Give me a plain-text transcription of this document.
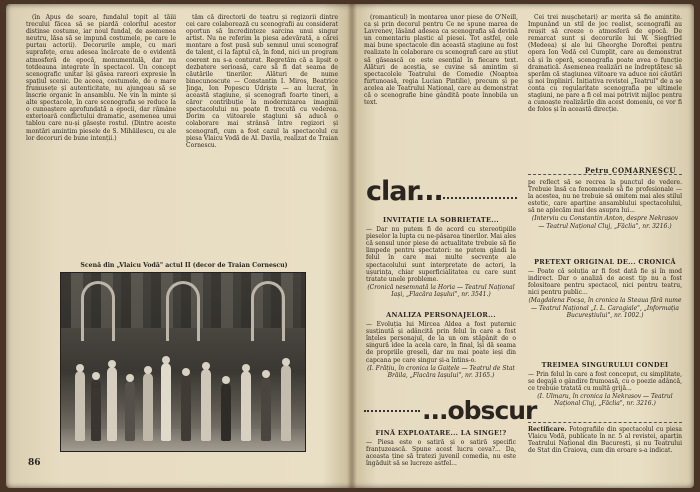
(în Apus de soare, fundalul topit al tăiii trecului făcea să se piardă coloritul acestor distinse costume, iar noul fundal, de asemenea neutru, lăsa să se impună costumele, pe care le purtau actorii). Decorurile ample, cu mari suprafețe, erau adesea încărcate de o evidentă atmosferă de epocă, monumentală, dar nu totdeauna integrate în spectacol. Un concept scenografic unitar își găsea rareori expresie în spațiul scenic. De aceea, costumele, de o mare frumusețe și autenticitate, nu ajungeau să se înscrie organic în ansamblu. Ne vin în minte și alte spectacole, în care scenografia se reduce la o cunoaștere aprofundată a epocii, dar rămâne exterioară conflictului dramatic, asemenea unui tablou care nu-și găsește rostul. (Dintre aceste montări amintim piesele de S. Mihăilescu, cu ale lor decoruri de bune intenții.)

tăm că directorii de teatru și regizorii dintre cei care colaborează cu scenografii au considerat oportun să încredințeze sarcina unui singur artist. Nu ne referim la piesa adevărată, a cărei montare a fost pusă sub semnul unui scenograf de talent, ci la faptul că, în fond, nici un program coerent nu s-a conturat. Regretăm că a lipsit o dezbatere serioasă, care să fi dat seama de căutările tinerilor. Alături de nume binecunoscute — Constantin I. Miros, Beatrice Jinga, Ion Popescu Udriște — au lucrat, în această stagiune, și scenografi foarte tineri, a căror contribuție la modernizarea imaginii spectacolului nu poate fi trecută cu vederea. Dorim ca viitoarele stagiuni să aducă o colaborare mai strânsă între regizori și scenografi, cum a fost cazul la spectacolul cu piesa Vlaicu Vodă de Al. Davila, realizat de Traian Cornescu.

Scenă din „Vlaicu Vodă" actul II (decor de Traian Cornescu)
86

(romanticul) în montarea unor piese de O'Neill, ca și prin decorul pentru Ce ne spune marea de Lavrenev, lăsând adesea ca scenografia să devină un comentariu plastic al piesei. Tot astfel, cele mai bune spectacole din această stagiune au fost realizate în colaborare cu scenografi care au știut să găsească ce este esențial în fiecare text. Alături de aceștia, se cuvine să amintim și spectacolele Teatrului de Comedie (Noaptea furtunoasă, regia Lucian Pintilie), precum și pe acelea ale Teatrului Național, care au demonstrat că o scenografie bine gândită poate înnobila un text.

Cei trei mușchetari) ar merita să fie amintite. Impunând un stil de joc realist, scenografii au reușit să creeze o atmosferă de epocă. De remarcat sunt și decorurile lui W. Siegfried (Medeea) și ale lui Gheorghe Doroftei pentru opera Ion Vodă cel Cumplit, care au demonstrat că și în operă, scenografia poate avea o funcție dramatică. Asemenea realizări ne îndreptățesc să sperăm că stagiunea viitoare va aduce noi căutări și noi împliniri. Inițiativa revistei „Teatrul" de a se conta cu regularitate scenografia pe ultimele stagiuni, ne pare a fi cel mai potrivit mijloc pentru a cunoaște realizările din acest domeniu, ce vor fi de folos și în această direcție.

Petru COMARNESCU
clar...
INVITAȚIE LA SOBRIETATE...
— Dar nu putem fi de acord cu stereotipiile pieselor la lupta cu ne-păsarea tinerilor. Mai ales că sensul unor piese de actualitate trebuie să fie limpede pentru spectatori: ne putem gândi la felul în care mai multe secvențe ale spectacolului sunt interpretate de actori, la ușurința, chiar superficialitatea cu care sunt tratate unele probleme.
(Cronică nesemnată la Horia — Teatrul Național Iași, „Flacăra Iașului", nr. 3541.)
ANALIZA PERSONAJELOR...
— Evoluția lui Mircea Aldea a fost puternic susținută și adâncită prin felul în care a fost înțeles personajul, de la un om stăpânit de o singură idee la acela care, în final, își dă seama de propriile greșeli, dar nu mai poate ieși din capcana pe care singur și-a întins-o.
(I. Frățiu, în cronica la Gaițele — Teatrul de Stat Brăila, „Flacăra Iașului", nr. 3165.)
...obscur
FINĂ EXPLOATARE... LA SINGE!?
— Piesa este o satiră și o satiră specific franțuzească. Spune acest lucru ceva?... Da, aceasta ține să tratezi juvenil comedia, nu este îngăduit să se lucreze astfel...
pe reflect să se recrea la punctul de vedere. Trebuie însă ca fenomenele să fie profesionale — la acestea, nu ne trebuie să omitem mai ales stilul estetic, care aparține ansamblului spectacolului, să ne aplecăm mai des asupra lui...
(Interviu cu Constantin Anton, despre Nekrasov — Teatrul Național Cluj, „Făclia", nr. 3216.)
PRETEXT ORIGINAL DE... CRONICĂ
— Poate că soluția ar fi fost dată fie și în mod indirect. Dar o analiză de acest tip nu a fost folositoare pentru spectacol, nici pentru teatru, nici pentru public...
(Magdalena Focșa, în cronica la Steaua fără nume — Teatrul Național „I. L. Caragiale", „Informația Bucureștiului", nr. 1002.)
TREIMEA SINGURULUI CONDEI
— Prin felul în care a fost conceput, cu simplitate, se degajă o gândire frumoasă, cu o poezie adâncă, ce trebuie tratată cu multă grijă...
(I. Ulmaru, în cronica la Nekrasov — Teatrul Național Cluj, „Făclia", nr. 3216.)
Rectificare. Fotografiile din spectacolul cu piesa Vlaicu Vodă, publicate în nr. 5 al revistei, aparțin Teatrului Național din București, și nu Teatrului de Stat din Craiova, cum din eroare s-a indicat.
